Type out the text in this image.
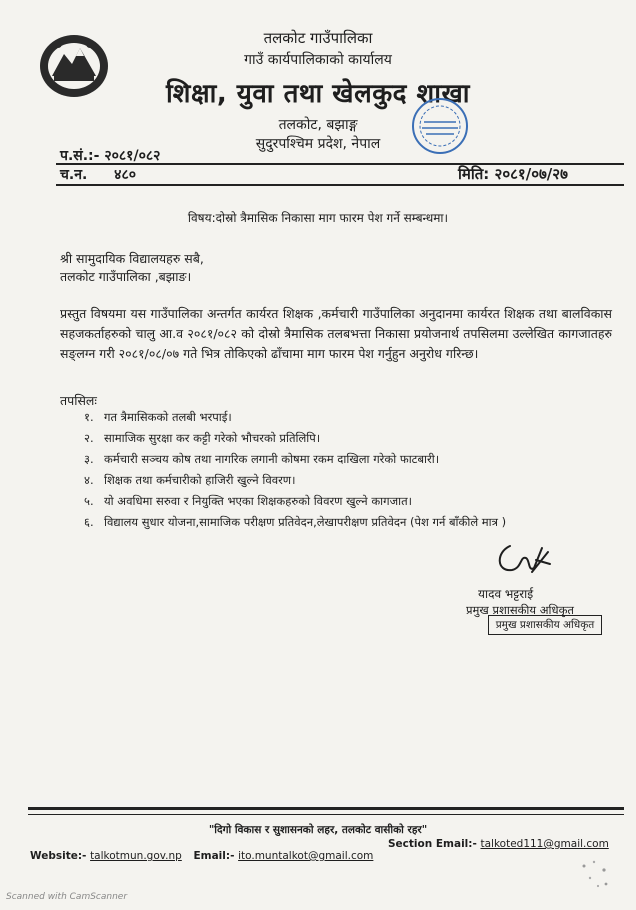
तलकोट गाउँपालिका
गाउँ कार्यपालिकाको कार्यालय
शिक्षा, युवा तथा खेलकुद शाखा
तलकोट, बझाङ्ग
सुदुरपश्चिम प्रदेश, नेपाल
प.सं.:- २०८१/०८२
च.न. ४८०	मिति: २०८१/०७/२७
विषय:दोस्रो त्रैमासिक निकासा माग फारम पेश गर्ने सम्बन्धमा।
श्री सामुदायिक विद्यालयहरु सबै,
तलकोट गाउँपालिका ,बझाङ।
प्रस्तुत विषयमा यस गाउँपालिका अन्तर्गत कार्यरत शिक्षक ,कर्मचारी गाउँपालिका अनुदानमा कार्यरत शिक्षक तथा बालविकास सहजकर्ताहरुको चालु आ.व २०८१/०८२ को दोस्रो त्रैमासिक तलबभत्ता निकासा प्रयोजनार्थ तपसिलमा उल्लेखित कागजातहरु सङ्लग्न गरी २०८१/०८/०७ गते भित्र तोकिएको ढाँचामा माग फारम पेश गर्नुहुन अनुरोध गरिन्छ।
तपसिलः
१. गत त्रैमासिकको तलबी भरपाई।
२. सामाजिक सुरक्षा कर कट्टी गरेको भौचरको प्रतिलिपि।
३. कर्मचारी सञ्चय कोष तथा नागरिक लगानी कोषमा रकम दाखिला गरेको फाटबारी।
४. शिक्षक तथा कर्मचारीको हाजिरी खुल्ने विवरण।
५. यो अवधिमा सरुवा र नियुक्ति भएका शिक्षकहरुको विवरण खुल्ने कागजात।
६. विद्यालय सुधार योजना,सामाजिक परीक्षण प्रतिवेदन,लेखापरीक्षण प्रतिवेदन (पेश गर्न बाँकीले मात्र )
यादव भट्टराई
प्रमुख प्रशासकीय अधिकृत
प्रमुख प्रशासकीय अधिकृत
"दिगो विकास र सुशासनको लहर, तलकोट वासीको रहर"
Website:- talkotmun.gov.np Email:- ito.muntalkot@gmail.com
Section Email:- talkoted111@gmail.com
Scanned with CamScanner
